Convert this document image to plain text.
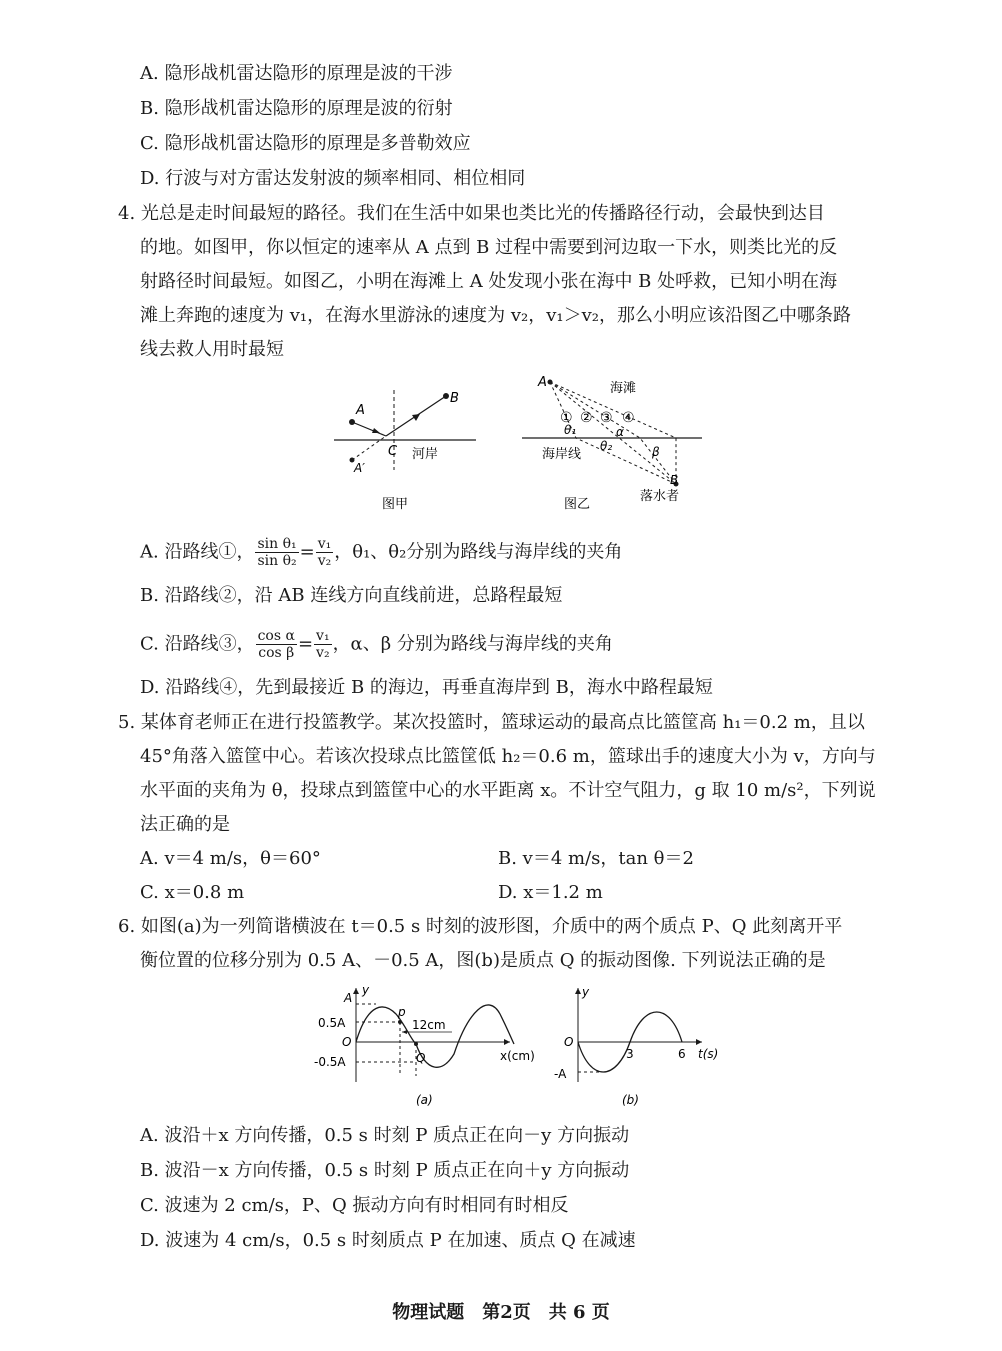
A. 隐形战机雷达隐形的原理是波的干涉
B. 隐形战机雷达隐形的原理是波的衍射
C. 隐形战机雷达隐形的原理是多普勒效应
D. 行波与对方雷达发射波的频率相同、相位相同
4. 光总是走时间最短的路径。我们在生活中如果也类比光的传播路径行动，会最快到达目
的地。如图甲，你以恒定的速率从 A 点到 B 过程中需要到河边取一下水，则类比光的反
射路径时间最短。如图乙，小明在海滩上 A 处发现小张在海中 B 处呼救，已知小明在海
滩上奔跑的速度为 v₁，在海水里游泳的速度为 v₂，v₁＞v₂，那么小明应该沿图乙中哪条路
线去救人用时最短
A
B
C
A′
河岸
图甲
A	海滩
① ② ③ ④
θ₁
θ₂
α
β
海岸线
B
落水者
图乙
A. 沿路线①， $\frac{\text{sin θ₁}}{\text{sin θ₂}} = \frac{\text{v₁}}{\text{v₂}}$ ，θ₁、θ₂分别为路线与海岸线的夹角
B. 沿路线②，沿 AB 连线方向直线前进，总路程最短
C. 沿路线③， $\frac{\text{cos α}}{\text{cos β}} = \frac{\text{v₁}}{\text{v₂}}$ ，α、β 分别为路线与海岸线的夹角
D. 沿路线④，先到最接近 B 的海边，再垂直海岸到 B，海水中路程最短
5. 某体育老师正在进行投篮教学。某次投篮时，篮球运动的最高点比篮筐高 h₁＝0.2 m，且以
45°角落入篮筐中心。若该次投球点比篮筐低 h₂＝0.6 m，篮球出手的速度大小为 v，方向与
水平面的夹角为 θ，投球点到篮筐中心的水平距离 x。不计空气阻力，g 取 10 m/s²，下列说
法正确的是
A. v＝4 m/s，θ＝60°	B. v＝4 m/s，tan θ＝2
C. x＝0.8 m	D. x＝1.2 m
6. 如图(a)为一列简谐横波在 t＝0.5 s 时刻的波形图，介质中的两个质点 P、Q 此刻离开平
衡位置的位移分别为 0.5 A、－0.5 A，图(b)是质点 Q 的振动图像. 下列说法正确的是
A
y
0.5A
O
-0.5A
p
Q
12cm
x(cm)
(a)
y
O
-A
3	6 t(s)
(b)
A. 波沿＋x 方向传播，0.5 s 时刻 P 质点正在向－y 方向振动
B. 波沿－x 方向传播，0.5 s 时刻 P 质点正在向＋y 方向振动
C. 波速为 2 cm/s，P、Q 振动方向有时相同有时相反
D. 波速为 4 cm/s，0.5 s 时刻质点 P 在加速、质点 Q 在减速
物理试题　第2页　共 6 页
